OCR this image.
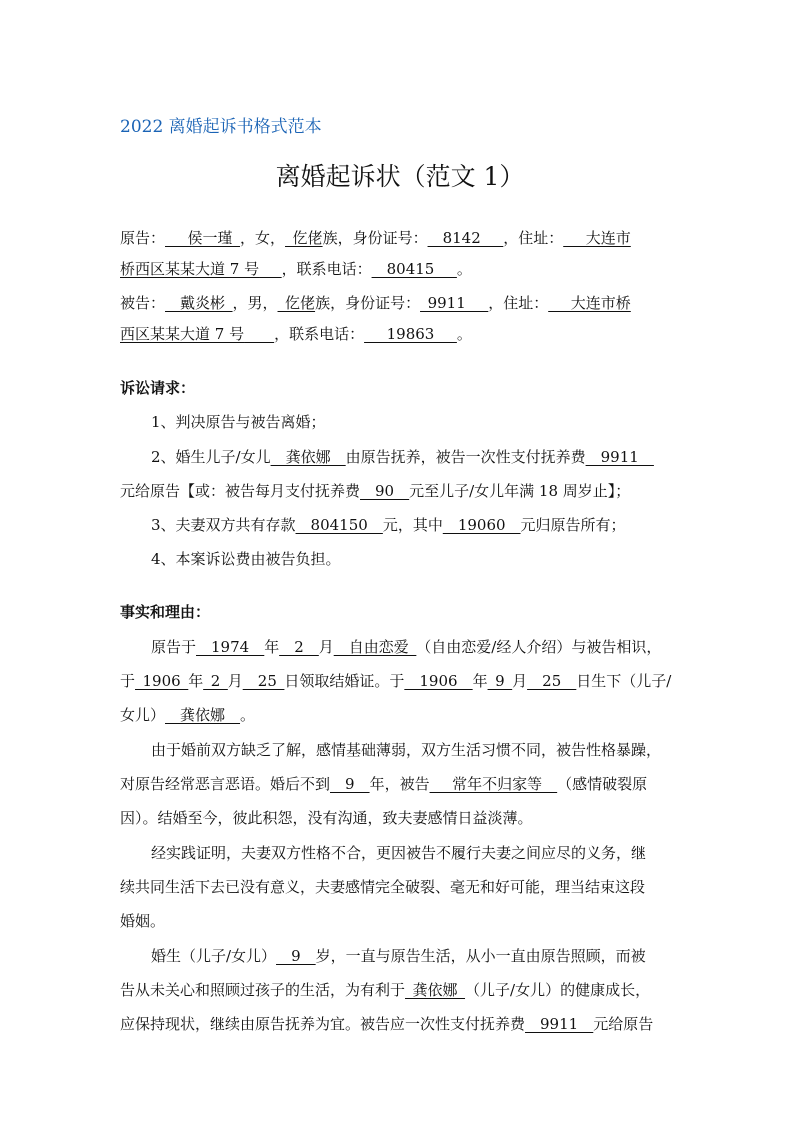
2022 离婚起诉书格式范本
离婚起诉状（范文 1）
原告：___侯一瑾_，女，_仡佬族，身份证号：__8142___，住址：___大连市
桥西区某某大道 7 号___，联系电话：__80415___。
被告：__戴炎彬_，男，_仡佬族，身份证号：_9911___，住址：___大连市桥
西区某某大道 7 号____，联系电话：___19863___。
诉讼请求：
1、判决原告与被告离婚；
2、婚生儿子/女儿__龚依娜__由原告抚养，被告一次性支付抚养费__9911__
元给原告【或：被告每月支付抚养费__90__元至儿子/女儿年满 18 周岁止】；
3、夫妻双方共有存款__804150__元，其中__19060__元归原告所有；
4、本案诉讼费由被告负担。
事实和理由：
原告于__1974__年__2__月__自由恋爱_（自由恋爱/经人介绍）与被告相识，
于_1906_年_2_月__25_日领取结婚证。于__1906__年_9_月__25__日生下（儿子/
女儿）__龚依娜__。
由于婚前双方缺乏了解，感情基础薄弱，双方生活习惯不同，被告性格暴躁，
对原告经常恶言恶语。婚后不到__9__年，被告___常年不归家等__（感情破裂原
因）。结婚至今，彼此积怨，没有沟通，致夫妻感情日益淡薄。
经实践证明，夫妻双方性格不合，更因被告不履行夫妻之间应尽的义务，继
续共同生活下去已没有意义，夫妻感情完全破裂、毫无和好可能，理当结束这段
婚姻。
婚生（儿子/女儿）__9__岁，一直与原告生活，从小一直由原告照顾，而被
告从未关心和照顾过孩子的生活，为有利于_龚依娜_（儿子/女儿）的健康成长，
应保持现状，继续由原告抚养为宜。被告应一次性支付抚养费__9911__元给原告
